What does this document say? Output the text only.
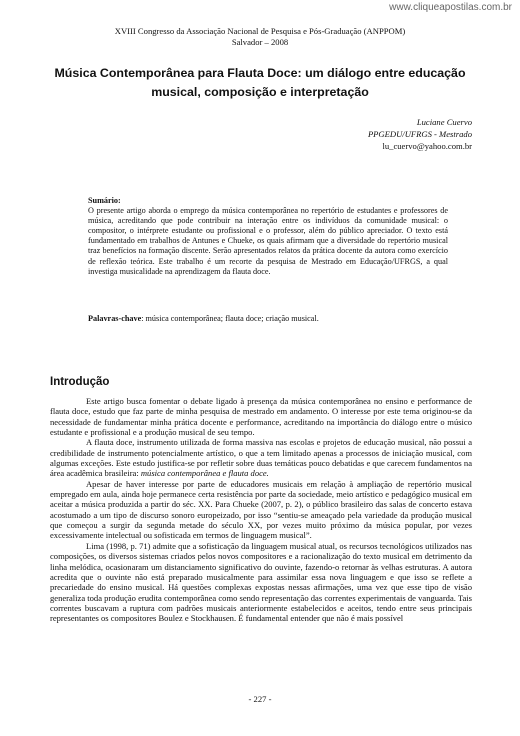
www.cliqueapostilas.com.br
XVIII Congresso da Associação Nacional de Pesquisa e Pós-Graduação (ANPPOM)
Salvador – 2008
Música Contemporânea para Flauta Doce: um diálogo entre educação musical, composição e interpretação
Luciane Cuervo
PPGEDU/UFRGS - Mestrado
lu_cuervo@yahoo.com.br
Sumário:
O presente artigo aborda o emprego da música contemporânea no repertório de estudantes e professores de música, acreditando que pode contribuir na interação entre os indivíduos da comunidade musical: o compositor, o intérprete estudante ou profissional e o professor, além do público apreciador. O texto está fundamentado em trabalhos de Antunes e Chueke, os quais afirmam que a diversidade do repertório musical traz benefícios na formação discente. Serão apresentados relatos da prática docente da autora como exercício de reflexão teórica. Este trabalho é um recorte da pesquisa de Mestrado em Educação/UFRGS, a qual investiga musicalidade na aprendizagem da flauta doce.
Palavras-chave: música contemporânea; flauta doce; criação musical.
Introdução

Este artigo busca fomentar o debate ligado à presença da música contemporânea no ensino e performance de flauta doce, estudo que faz parte de minha pesquisa de mestrado em andamento. O interesse por este tema originou-se da necessidade de fundamentar minha prática docente e performance, acreditando na importância do diálogo entre o músico estudante e profissional e a produção musical de seu tempo.

A flauta doce, instrumento utilizada de forma massiva nas escolas e projetos de educação musical, não possui a credibilidade de instrumento potencialmente artístico, o que a tem limitado apenas a processos de iniciação musical, com algumas exceções. Este estudo justifica-se por refletir sobre duas temáticas pouco debatidas e que carecem fundamentos na área acadêmica brasileira: música contemporânea e flauta doce.

Apesar de haver interesse por parte de educadores musicais em relação à ampliação de repertório musical empregado em aula, ainda hoje permanece certa resistência por parte da sociedade, meio artístico e pedagógico musical em aceitar a música produzida a partir do séc. XX. Para Chueke (2007, p. 2), o público brasileiro das salas de concerto estava acostumado a um tipo de discurso sonoro europeizado, por isso “sentiu-se ameaçado pela variedade da produção musical que começou a surgir da segunda metade do século XX, por vezes muito próximo da música popular, por vezes excessivamente intelectual ou sofisticada em termos de linguagem musical”.

Lima (1998, p. 71) admite que a sofisticação da linguagem musical atual, os recursos tecnológicos utilizados nas composições, os diversos sistemas criados pelos novos compositores e a racionalização do texto musical em detrimento da linha melódica, ocasionaram um distanciamento significativo do ouvinte, fazendo-o retornar às velhas estruturas. A autora acredita que o ouvinte não está preparado musicalmente para assimilar essa nova linguagem e que isso se reflete a precariedade do ensino musical. Há questões complexas expostas nessas afirmações, uma vez que esse tipo de visão generaliza toda produção erudita contemporânea como sendo representação das correntes experimentais de vanguarda. Tais correntes buscavam a ruptura com padrões musicais anteriormente estabelecidos e aceitos, tendo entre seus principais representantes os compositores Boulez e Stockhausen. É fundamental entender que não é mais possível

- 227 -
